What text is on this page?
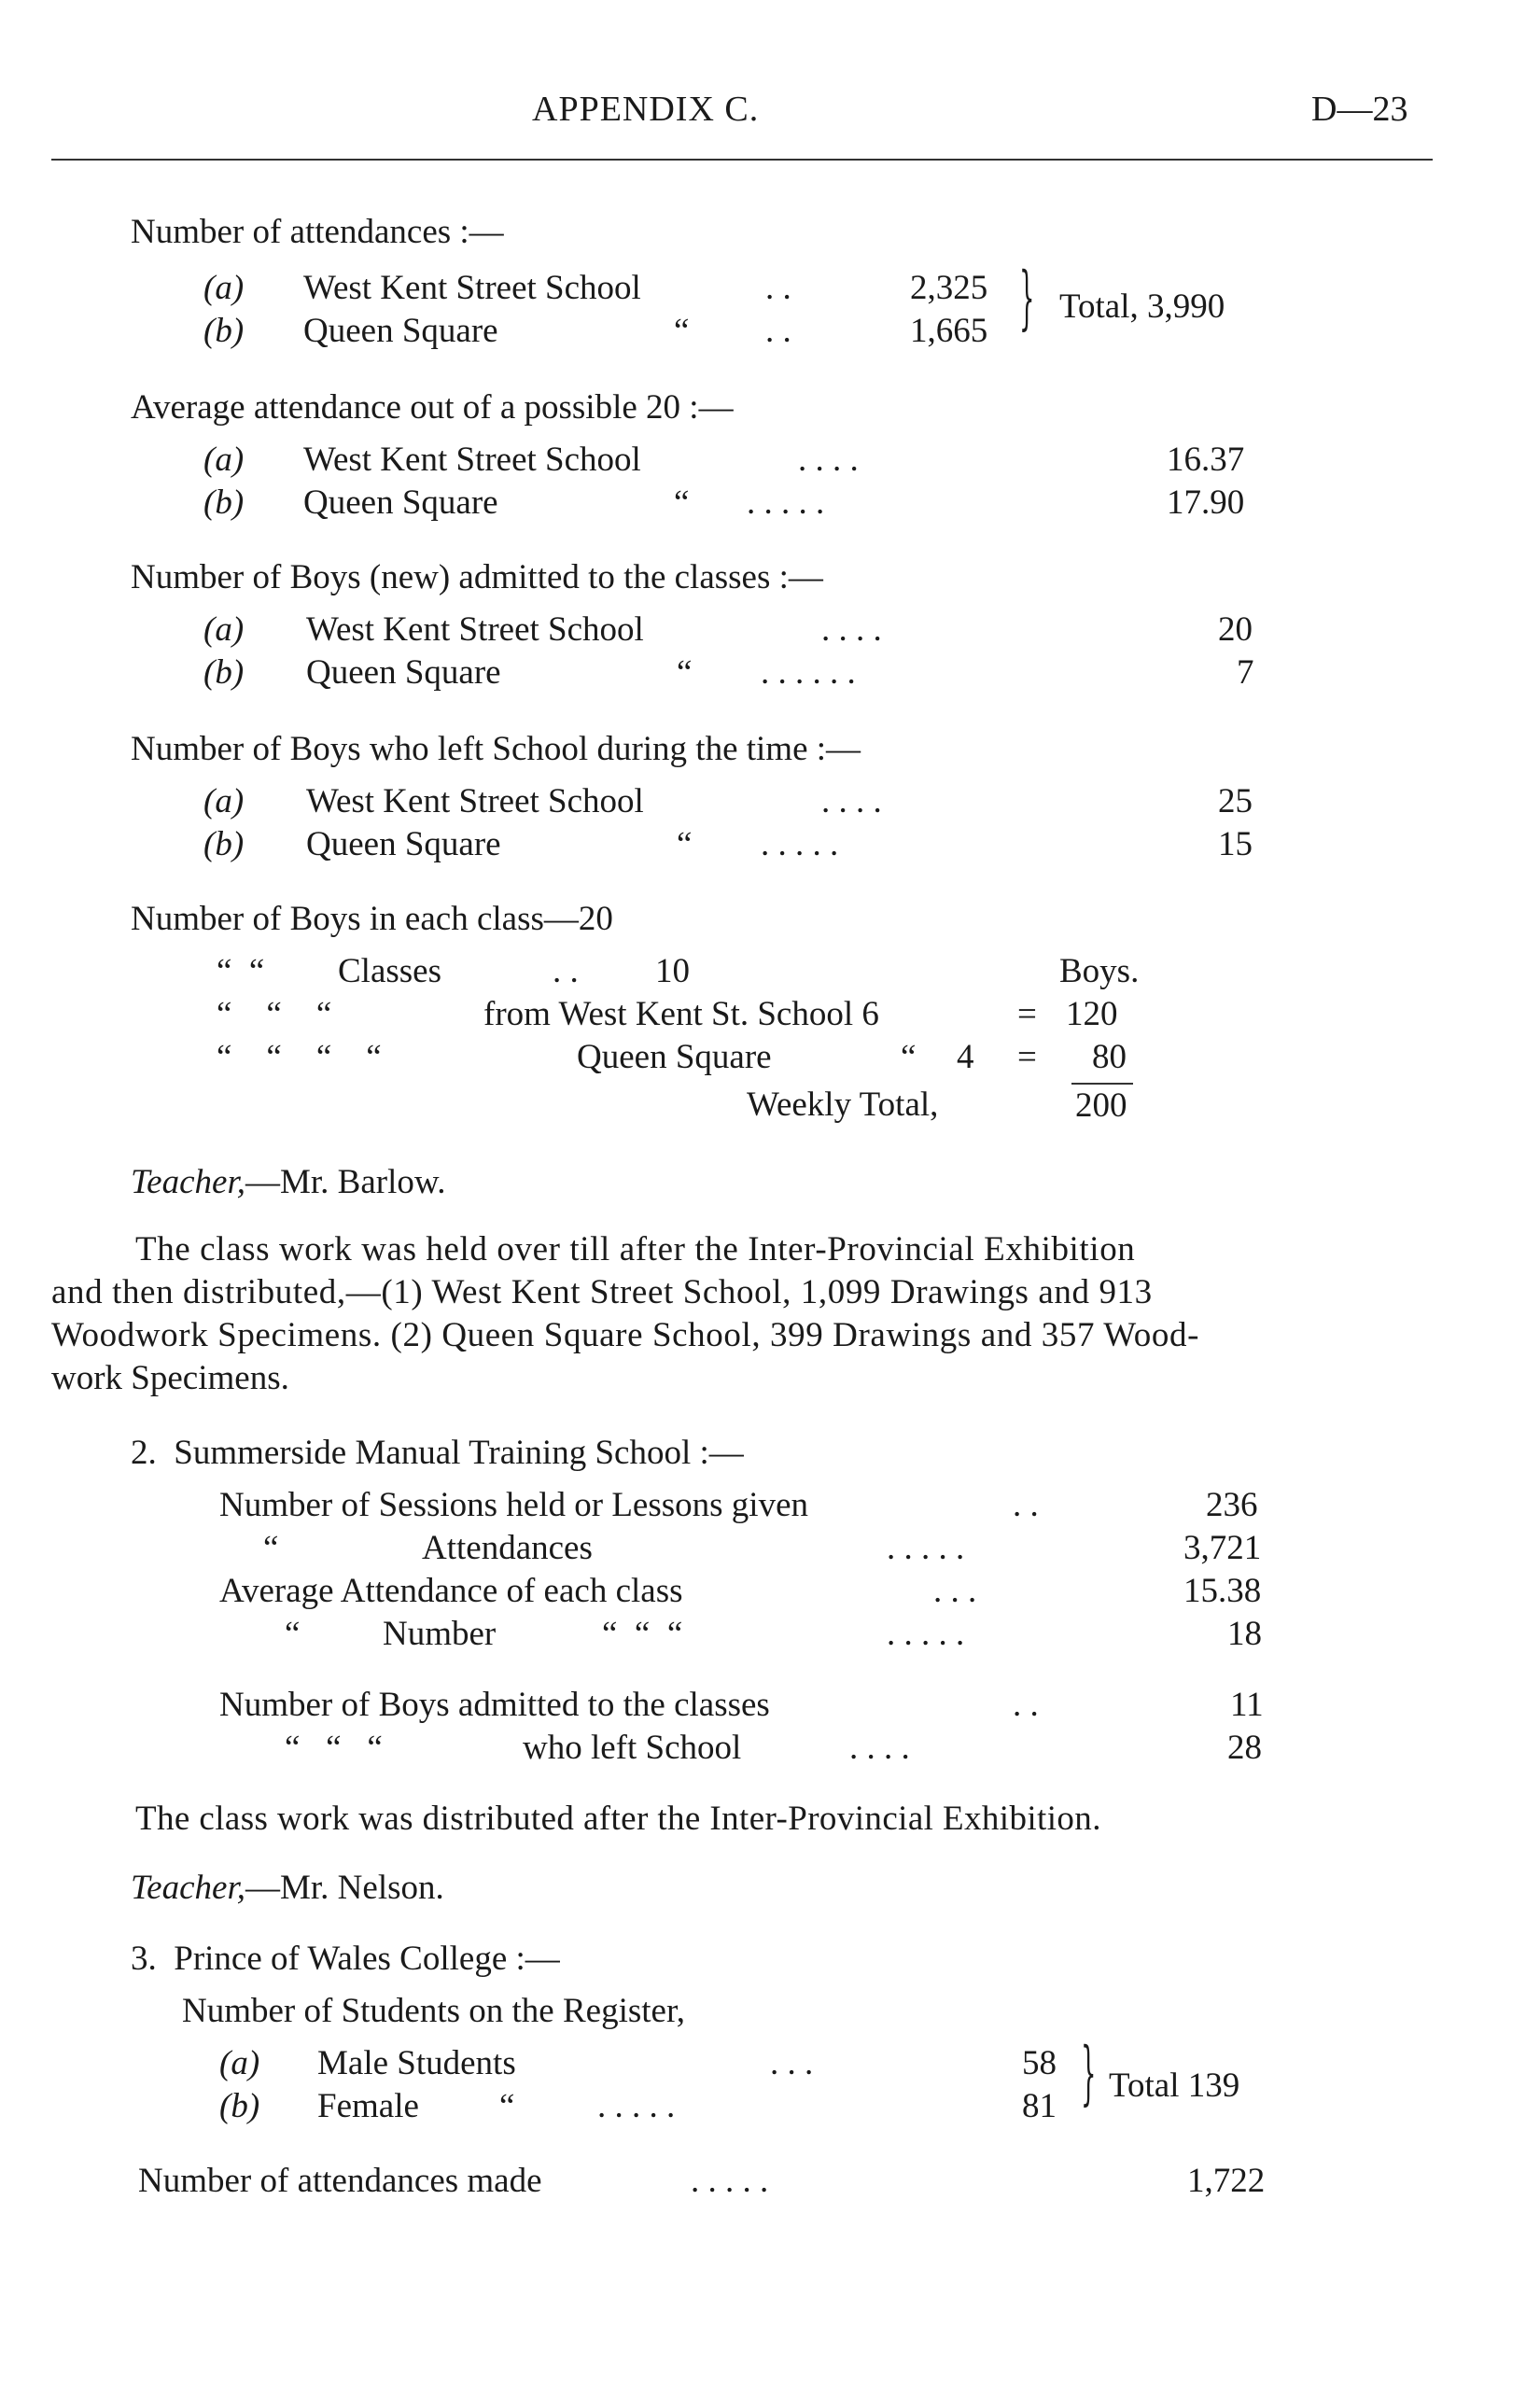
APPENDIX C.	D—23
Number of attendances :—
(a) West Kent Street School	. .	2,325
(b) Queen Square	“ . .	1,665 } Total, 3,990
Average attendance out of a possible 20 :—
(a) West Kent Street School	. . . .	16.37
(b) Queen Square	“ . . . . .	17.90
Number of Boys (new) admitted to the classes :—
(a) West Kent Street School	. . . .	20
(b) Queen Square	“ . . . . . .	7
Number of Boys who left School during the time :—
(a) West Kent Street School	. . . .	25
(b) Queen Square	“ . . . . .	15
Number of Boys in each class—20
“  “ Classes	. . 10	Boys.
“    “    “	from West Kent St. School 6	= 120
“    “    “    “	Queen Square	“ 4 = 80
Weekly Total,	200
Teacher,—Mr. Barlow.
The class work was held over till after the Inter-Provincial Exhibition
and then distributed,—(1) West Kent Street School, 1,099 Drawings and 913
Woodwork Specimens. (2) Queen Square School, 399 Drawings and 357 Wood-
work Specimens.
2.  Summerside Manual Training School :—
Number of Sessions held or Lessons given	. .	236
“	Attendances	. . . . .	3,721
Average Attendance of each class	. . .	15.38
“ Number	“  “  “	. . . . .	18
Number of Boys admitted to the classes	. .	11
“   “   “	who left School	. . . .	28
The class work was distributed after the Inter-Provincial Exhibition.
Teacher,—Mr. Nelson.
3.  Prince of Wales College :—
Number of Students on the Register,
(a) Male Students	. . .	58
(b) Female “ . . . . .	81 } Total 139
Number of attendances made	. . . . .	1,722
